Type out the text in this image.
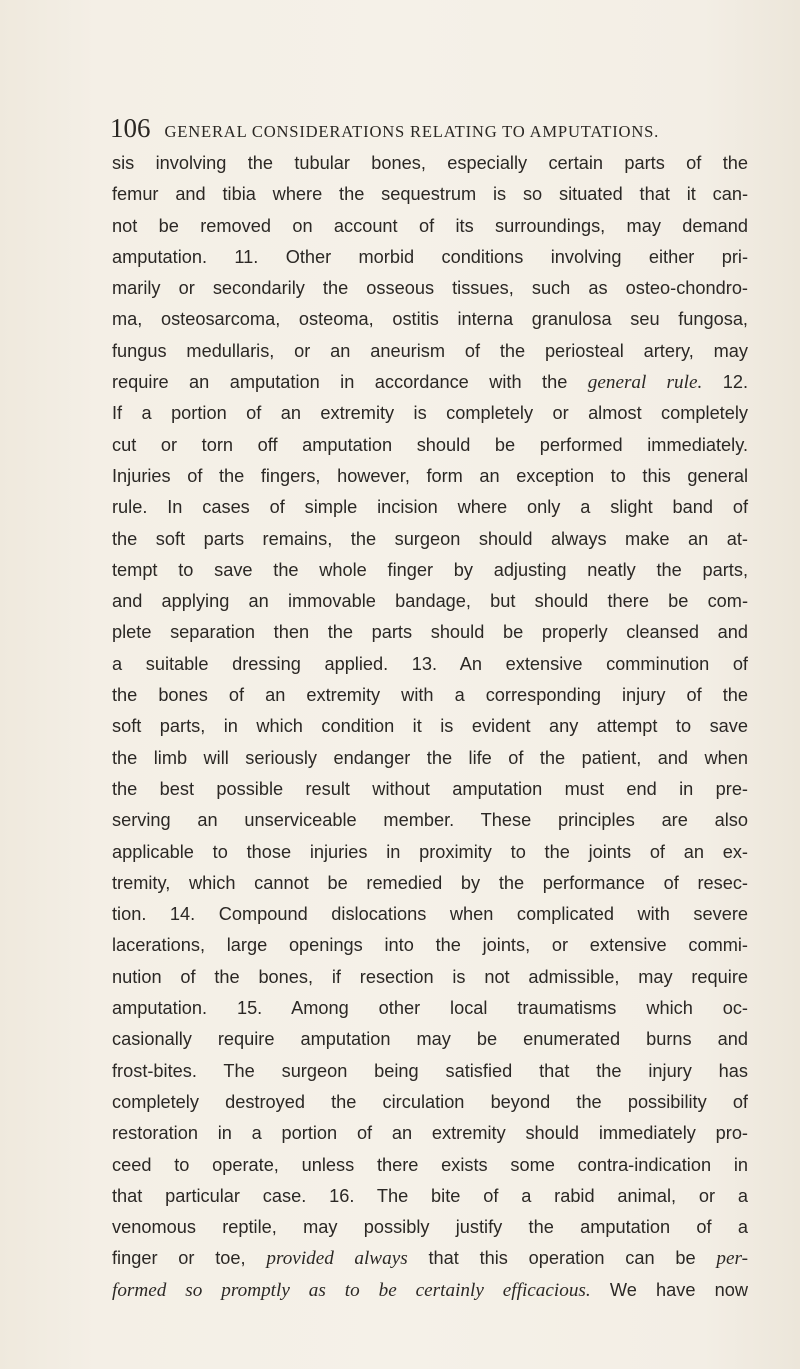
106 GENERAL CONSIDERATIONS RELATING TO AMPUTATIONS.
sis involving the tubular bones, especially certain parts of the
femur and tibia where the sequestrum is so situated that it can-
not be removed on account of its surroundings, may demand
amputation. 11. Other morbid conditions involving either pri-
marily or secondarily the osseous tissues, such as osteo-chondro-
ma, osteosarcoma, osteoma, ostitis interna granulosa seu fungosa,
fungus medullaris, or an aneurism of the periosteal artery, may
require an amputation in accordance with the general rule. 12.
If a portion of an extremity is completely or almost completely
cut or torn off amputation should be performed immediately.
Injuries of the fingers, however, form an exception to this general
rule. In cases of simple incision where only a slight band of
the soft parts remains, the surgeon should always make an at-
tempt to save the whole finger by adjusting neatly the parts,
and applying an immovable bandage, but should there be com-
plete separation then the parts should be properly cleansed and
a suitable dressing applied. 13. An extensive comminution of
the bones of an extremity with a corresponding injury of the
soft parts, in which condition it is evident any attempt to save
the limb will seriously endanger the life of the patient, and when
the best possible result without amputation must end in pre-
serving an unserviceable member. These principles are also
applicable to those injuries in proximity to the joints of an ex-
tremity, which cannot be remedied by the performance of resec-
tion. 14. Compound dislocations when complicated with severe
lacerations, large openings into the joints, or extensive commi-
nution of the bones, if resection is not admissible, may require
amputation. 15. Among other local traumatisms which oc-
casionally require amputation may be enumerated burns and
frost-bites. The surgeon being satisfied that the injury has
completely destroyed the circulation beyond the possibility of
restoration in a portion of an extremity should immediately pro-
ceed to operate, unless there exists some contra-indication in
that particular case. 16. The bite of a rabid animal, or a
venomous reptile, may possibly justify the amputation of a
finger or toe, provided always that this operation can be per-
formed so promptly as to be certainly efficacious. We have now
